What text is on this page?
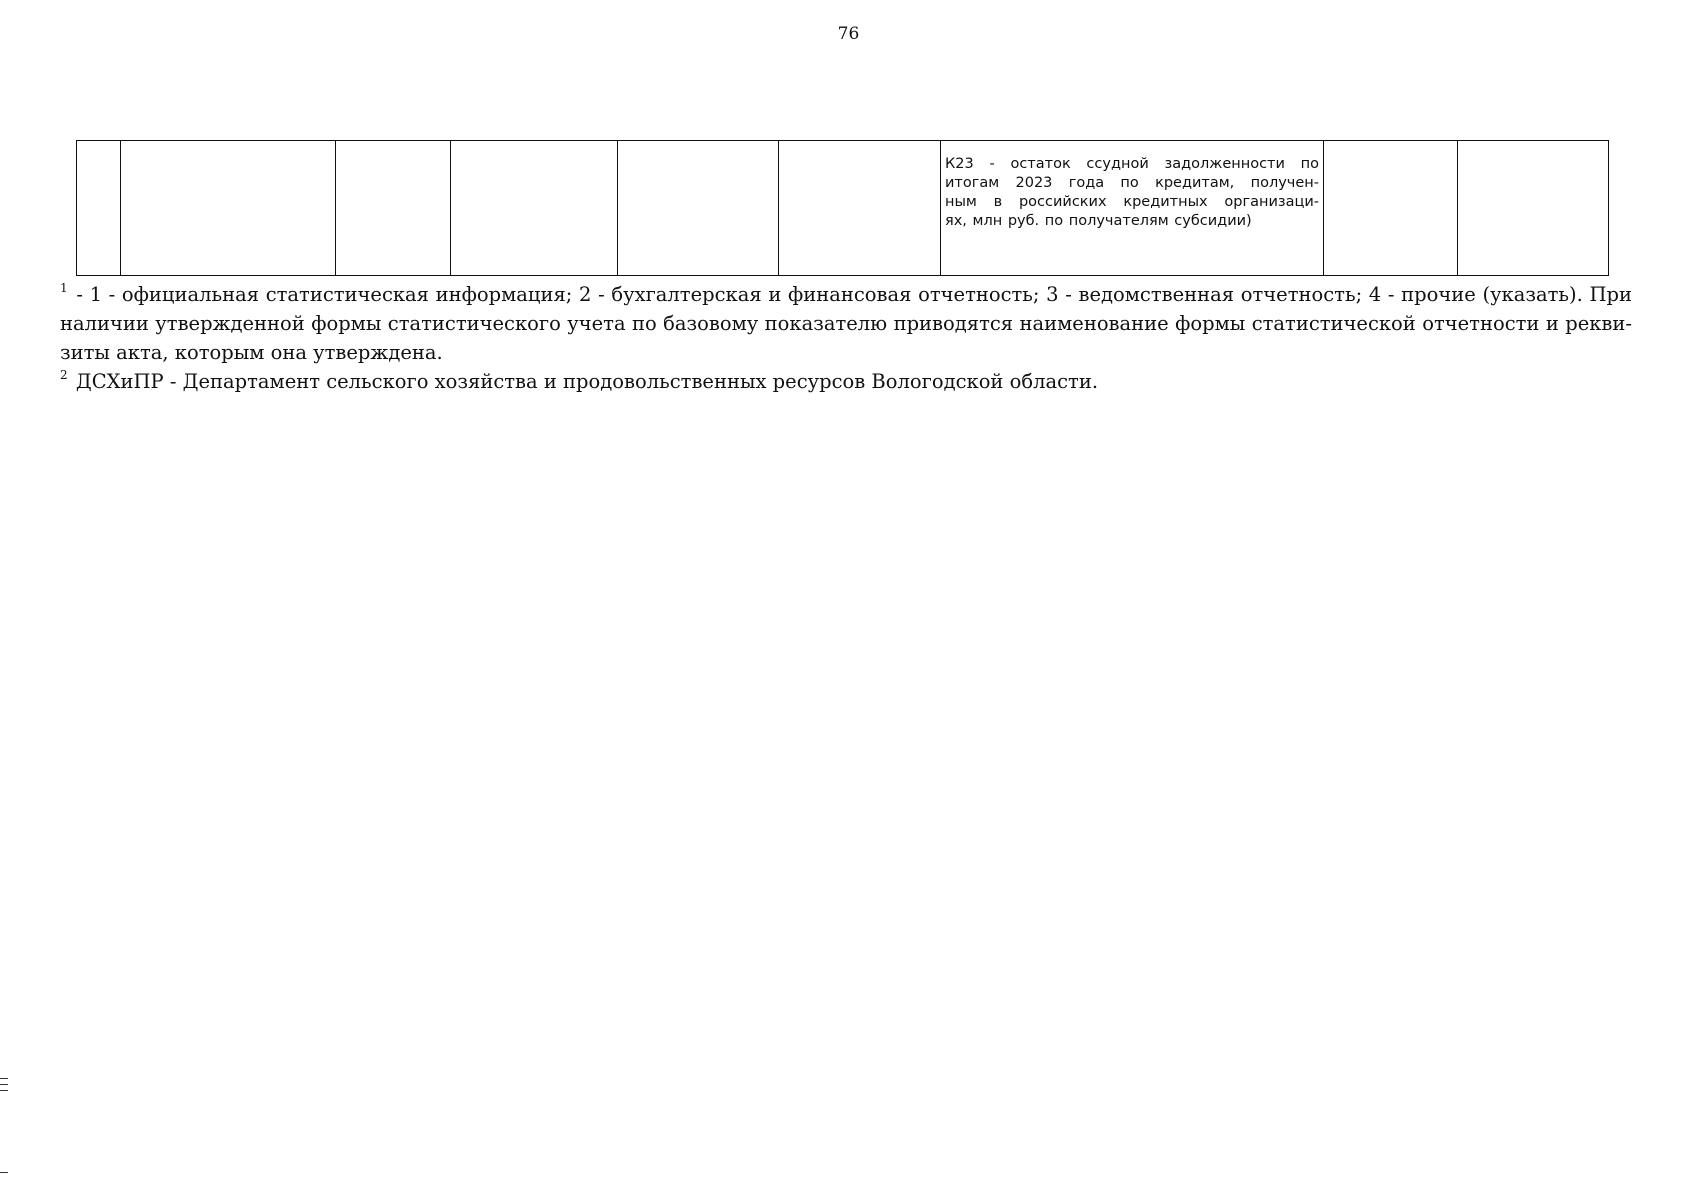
76

К23 - остаток ссудной задолженности по
итогам 2023 года по кредитам, получен-
ным в российских кредитных организаци-
ях, млн руб. по получателям субсидии)

$^1$ - 1 - официальная статистическая информация; 2 - бухгалтерская и финансовая отчетность; 3 - ведомственная отчетность; 4 - прочие (указать). При
наличии утвержденной формы статистического учета по базовому показателю приводятся наименование формы статистической отчетности и рекви-
зиты акта, которым она утверждена.
$^2$ ДСХиПР - Департамент сельского хозяйства и продовольственных ресурсов Вологодской области.
